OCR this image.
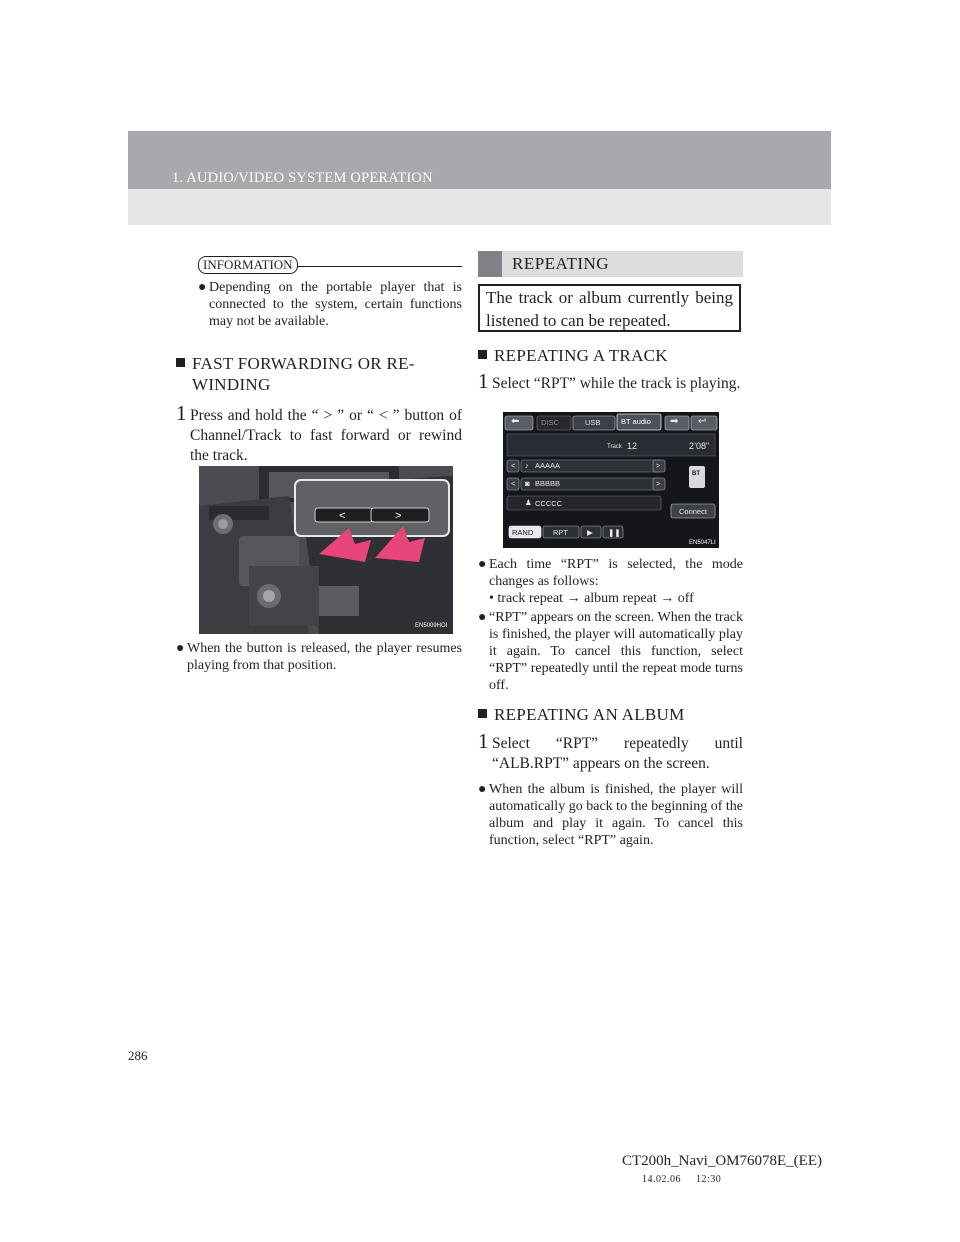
1. AUDIO/VIDEO SYSTEM OPERATION
INFORMATION
● Depending on the portable player that is connected to the system, certain functions may not be available.
FAST FORWARDING OR RE-
WINDING
1 Press and hold the “ > ” or “ < ” button of Channel/Track to fast forward or rewind the track.
<	>
EN5009HOI
● When the button is released, the player resumes playing from that position.
REPEATING
The track or album currently being listened to can be repeated.
REPEATING A TRACK
1 Select “RPT” while the track is playing.
⬅	DISC	USB	BT audio ➡ ↩
Track 12	2’08"
< ♪ AAAAA	>
< ◙ BBBBB	>
♟ CCCCC
BT
Connect
RAND	RPT	▶ ❚❚
EN5047LI
● Each time “RPT” is selected, the mode changes as follows:
• track repeat → album repeat → off
● “RPT” appears on the screen. When the track is finished, the player will automatically play it again. To cancel this function, select “RPT” repeatedly until the repeat mode turns off.
REPEATING AN ALBUM
1 Select “RPT” repeatedly until “ALB.RPT” appears on the screen.
● When the album is finished, the player will automatically go back to the beginning of the album and play it again. To cancel this function, select “RPT” again.
286
CT200h_Navi_OM76078E_(EE)
14.02.06     12:30
